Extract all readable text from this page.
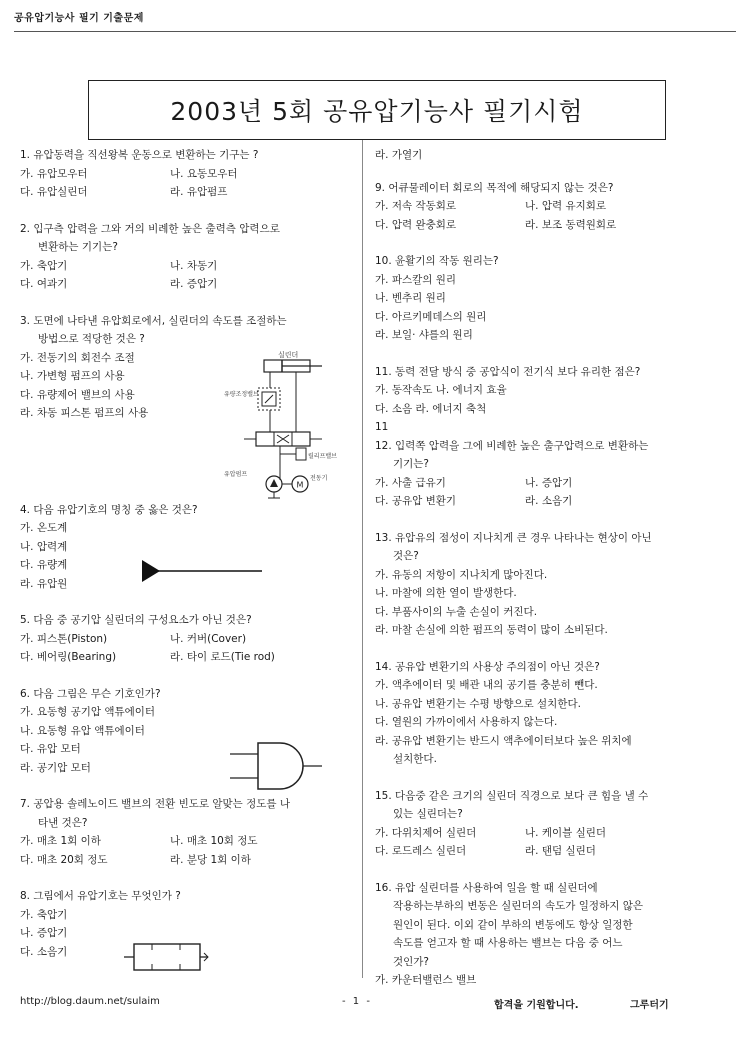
공유압기능사 필기 기출문제
2003년 5회 공유압기능사 필기시험
1. 유압동력을 직선왕복 운동으로 변환하는 기구는 ?
가. 유압모우터	나. 요동모우터
다. 유압실린더	라. 유압펌프
2. 입구측 압력을 그와 거의 비례한 높은 출력측 압력으로
변환하는 기기는?
가. 축압기	나. 차동기
다. 여과기	라. 증압기
3. 도면에 나타낸 유압회로에서, 실린더의 속도를 조절하는
방법으로 적당한 것은 ?
가. 전동기의 회전수 조절
나. 가변형 펌프의 사용
다. 유량제어 밸브의 사용
라. 차동 피스톤 펌프의 사용
4. 다음 유압기호의 명칭 중 옳은 것은?
가. 온도계
나. 압력계
다. 유량계
라. 유압원
5. 다음 중 공기압 실린더의 구성요소가 아닌 것은?
가. 피스톤(Piston)	나. 커버(Cover)
다. 베어링(Bearing)	라. 타이 로드(Tie rod)
6. 다음 그림은 무슨 기호인가?
가. 요동형 공기압 액튜에이터
나. 요동형 유압 액튜에이터
다. 유압 모터
라. 공기압 모터
7. 공압용 솔레노이드 밸브의 전환 빈도로 알맞는 정도를 나
타낸 것은?
가. 매초 1회 이하	나. 매초 10회 정도
다. 매초 20회 정도	라. 분당 1회 이하
8. 그림에서 유압기호는 무엇인가 ?
가. 축압기
나. 증압기
다. 소음기
라. 가열기
9. 어큐물레이터 회로의 목적에 해당되지 않는 것은?
가. 저속 작동회로	나. 압력 유지회로
다. 압력 완충회로	라. 보조 동력원회로
10. 윤활기의 작동 원리는?
가. 파스칼의 원리
나. 벤추리 원리
다. 아르키메데스의 원리
라. 보일· 샤를의 원리
11. 동력 전달 방식 중 공압식이 전기식 보다 유리한 점은?
가. 동작속도 나. 에너지 효율
다. 소음 라. 에너지 축척
11
12. 입력쪽 압력을 그에 비례한 높은 출구압력으로 변환하는
기기는?
가. 사출 급유기	나. 증압기
다. 공유압 변환기	라. 소음기
13. 유압유의 점성이 지나치게 큰 경우 나타나는 현상이 아닌
것은?
가. 유동의 저항이 지나치게 많아진다.
나. 마찰에 의한 열이 발생한다.
다. 부품사이의 누출 손실이 커진다.
라. 마찰 손실에 의한 펌프의 동력이 많이 소비된다.
14. 공유압 변환기의 사용상 주의점이 아닌 것은?
가. 액추에이터 및 배관 내의 공기를 충분히 뺀다.
나. 공유압 변환기는 수평 방향으로 설치한다.
다. 열원의 가까이에서 사용하지 않는다.
라. 공유압 변환기는 반드시 액추에이터보다 높은 위치에
설치한다.
15. 다음중 같은 크기의 실린더 직경으로 보다 큰 힘을 낼 수
있는 실린더는?
가. 다위치제어 실린더	나. 케이블 실린더
다. 로드레스 실린더	라. 탠덤 실린더
16. 유압 실린더를 사용하여 일을 할 때 실린더에
작용하는부하의 변동은 실린더의 속도가 일정하지 않은
원인이 된다. 이외 같이 부하의 변동에도 항상 일정한
속도를 얻고자 할 때 사용하는 밸브는 다음 중 어느
것인가?
가. 카운터밸런스 밸브
실린더
유량조정밸브
릴리프밸브
유압펌프
M
전동기
http://blog.daum.net/sulaim	- 1 -	합격을 기원합니다.	그루터기
